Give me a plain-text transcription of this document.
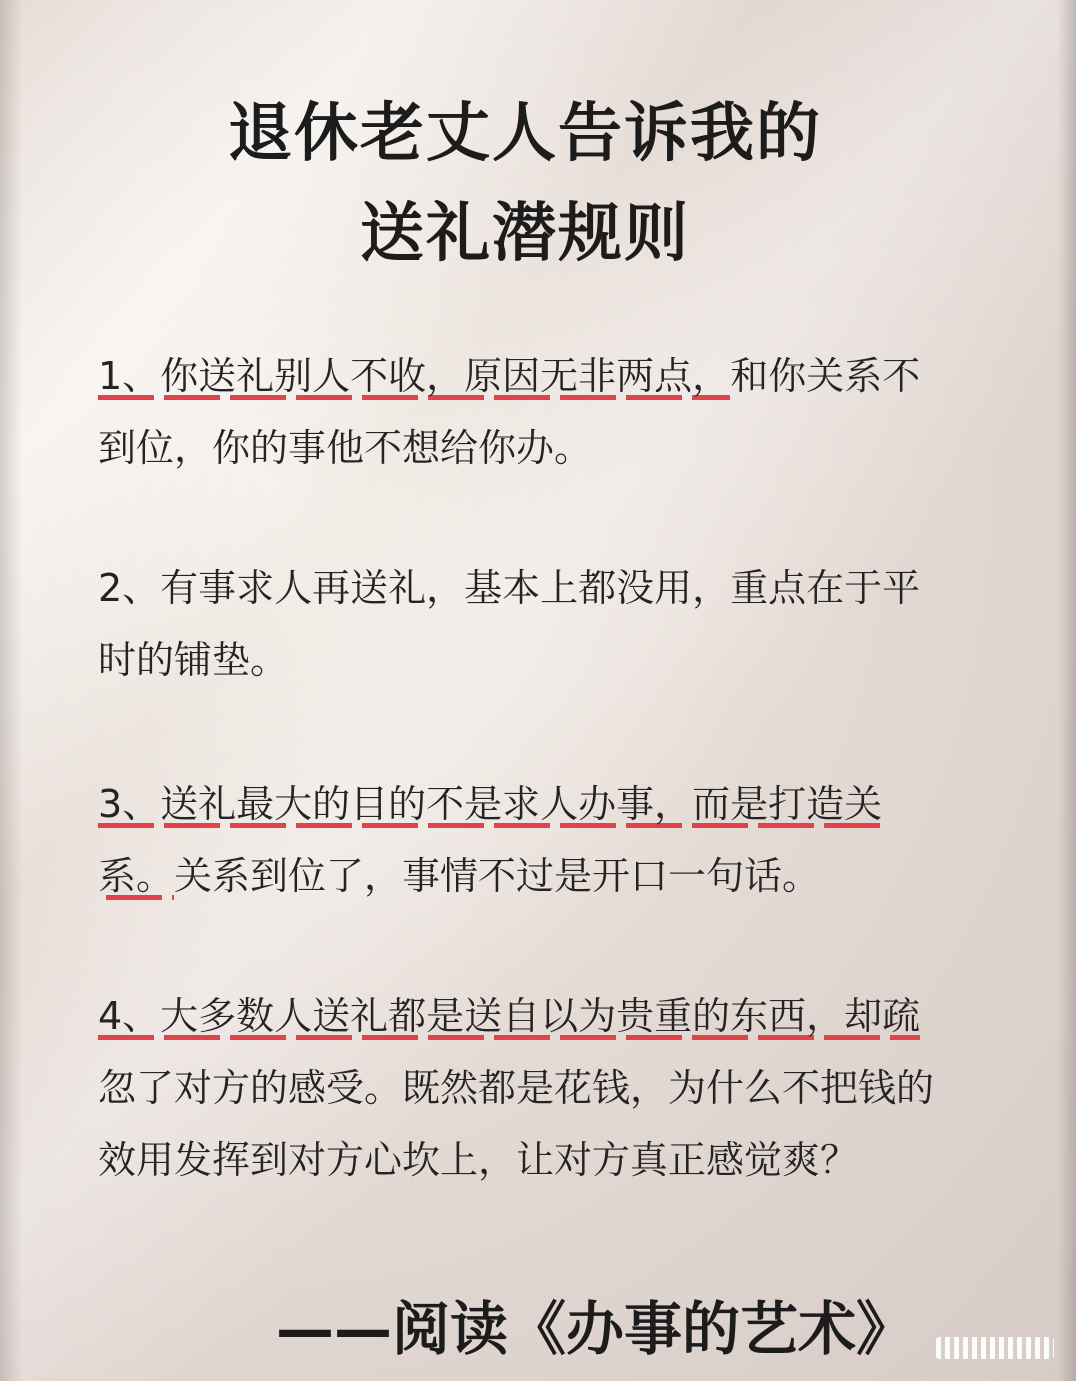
退休老丈人告诉我的
送礼潜规则

1、你送礼别人不收，原因无非两点，和你关系不到位，你的事他不想给你办。

2、有事求人再送礼，基本上都没用，重点在于平时的铺垫。

3、送礼最大的目的不是求人办事，而是打造关系。关系到位了，事情不过是开口一句话。

4、大多数人送礼都是送自以为贵重的东西，却疏忽了对方的感受。既然都是花钱，为什么不把钱的效用发挥到对方心坎上，让对方真正感觉爽？

——阅读《办事的艺术》
